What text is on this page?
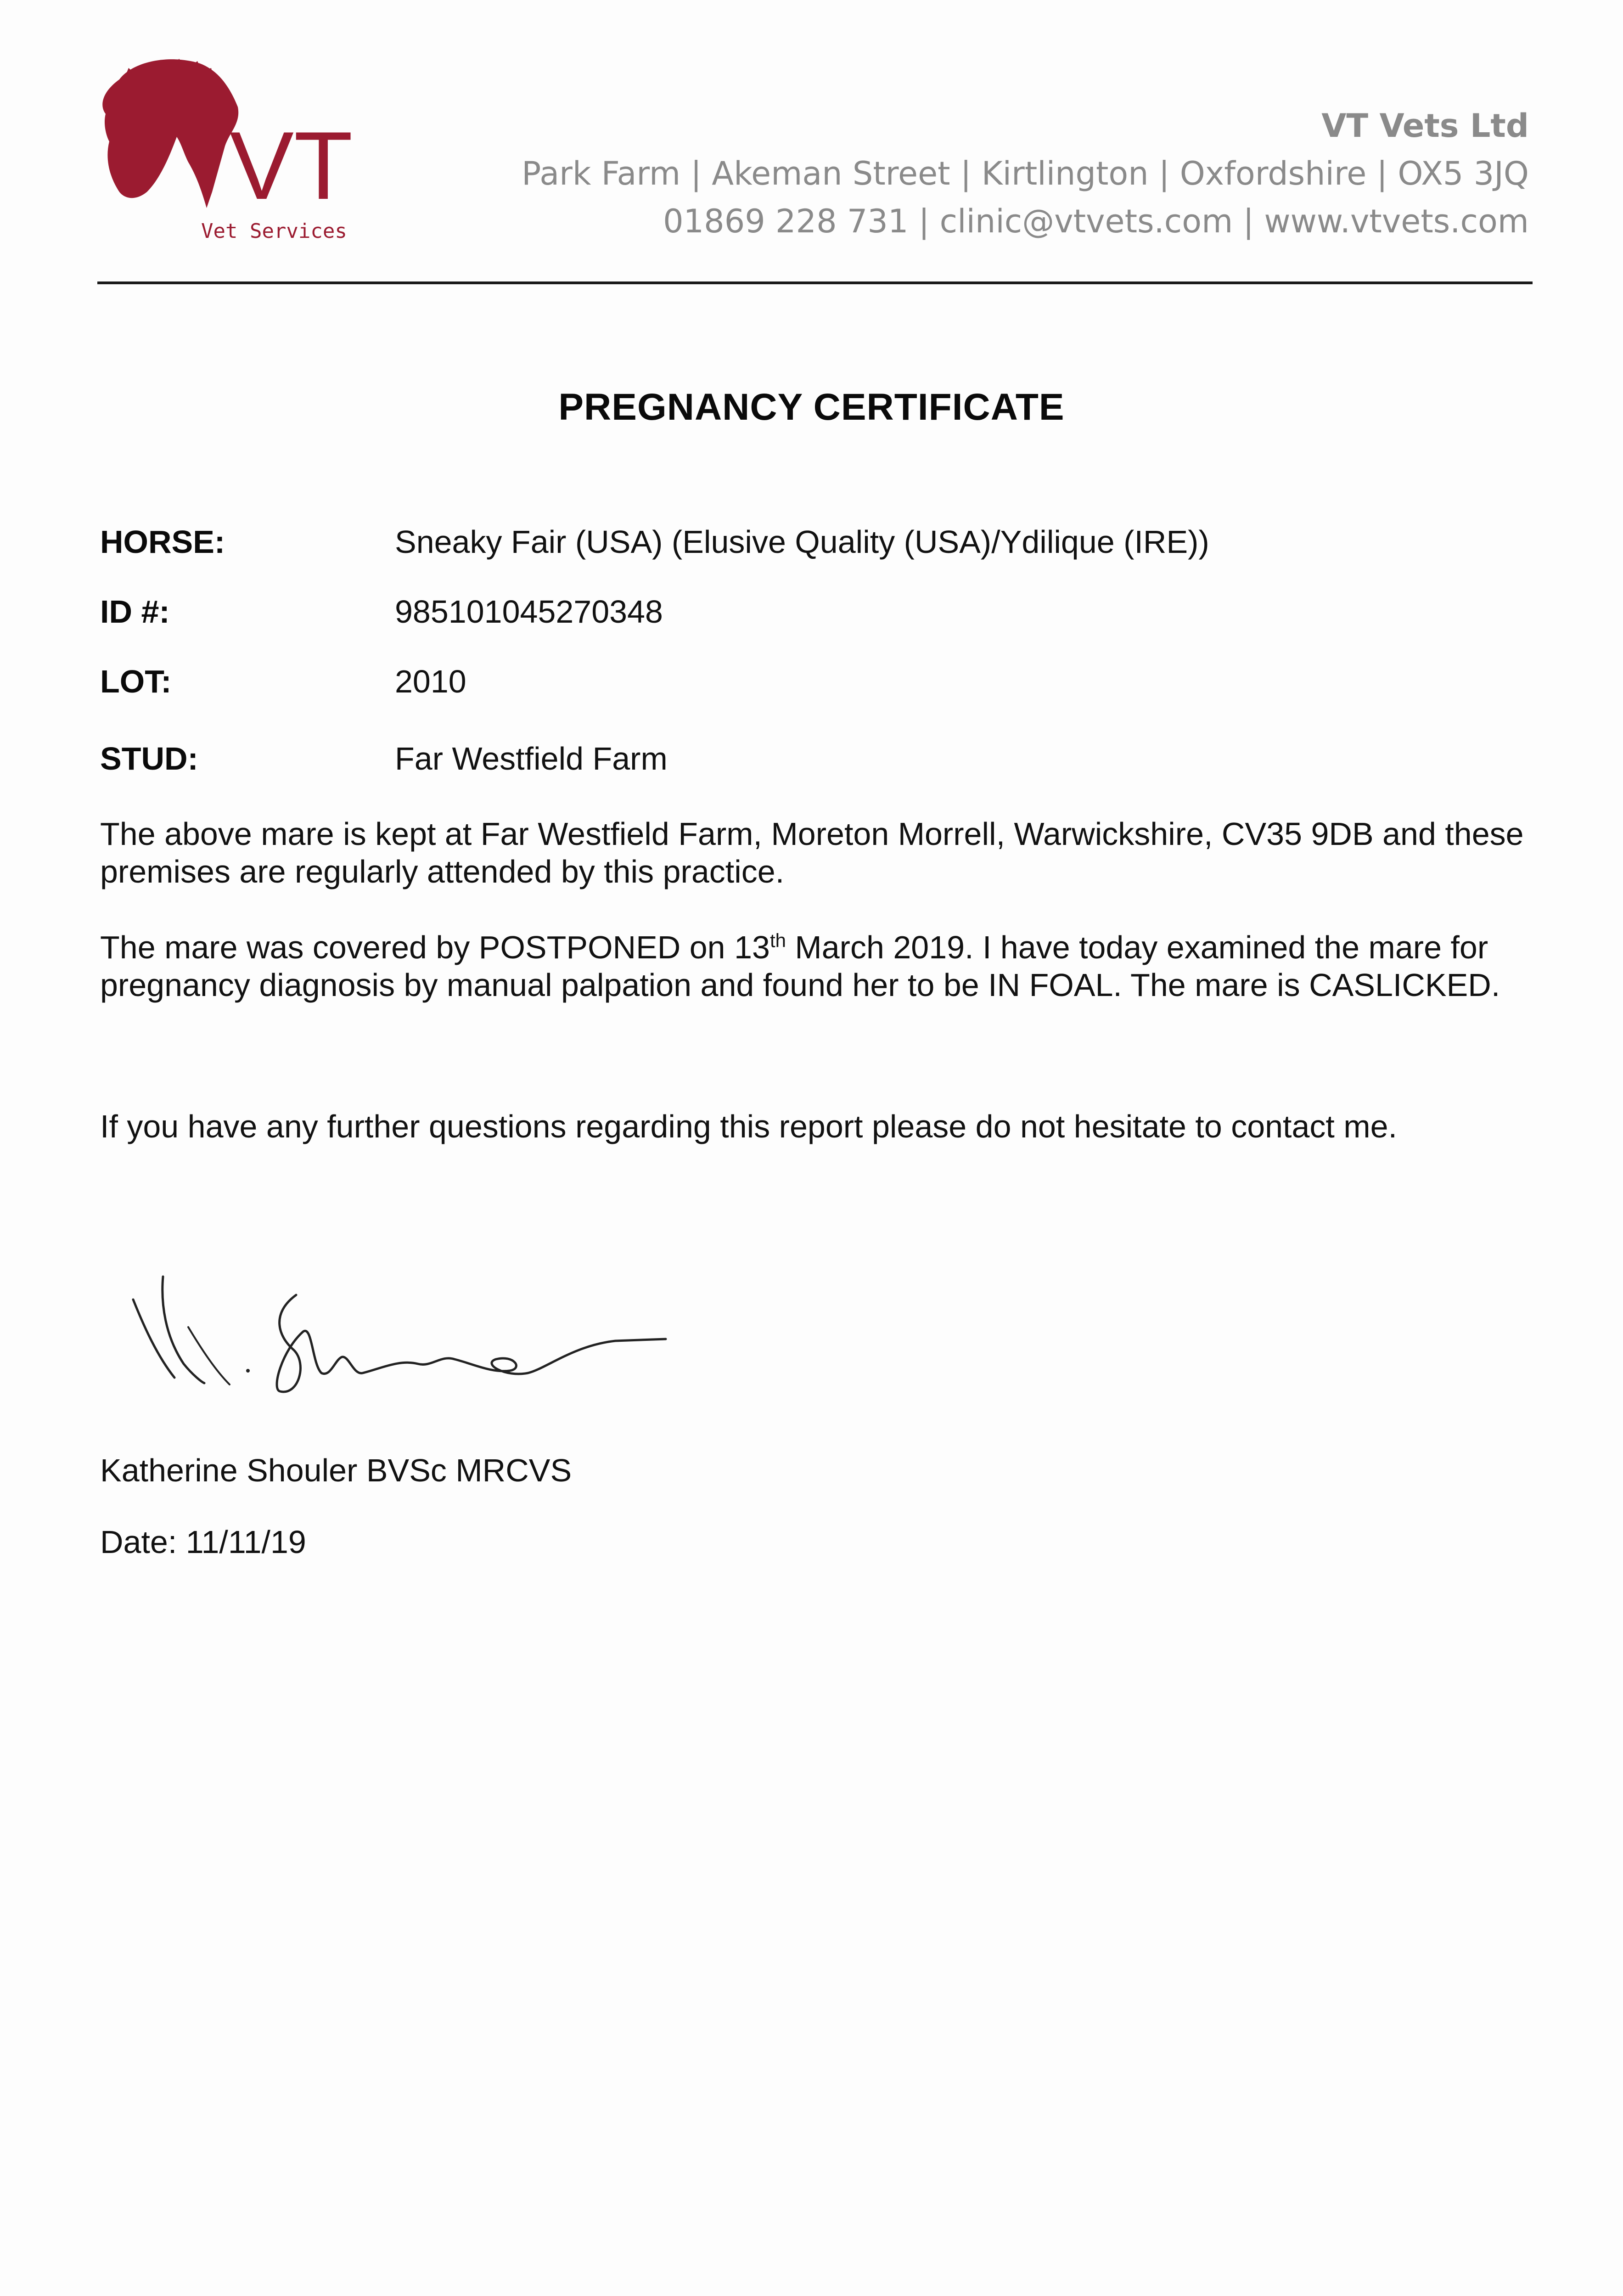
VT
Vet Services
VT Vets Ltd
Park Farm | Akeman Street | Kirtlington | Oxfordshire | OX5 3JQ
01869 228 731 | clinic@vtvets.com | www.vtvets.com
PREGNANCY CERTIFICATE
HORSE:	Sneaky Fair (USA) (Elusive Quality (USA)/Ydilique (IRE))
ID #:	985101045270348
LOT:	2010
STUD:	Far Westfield Farm
The above mare is kept at Far Westfield Farm, Moreton Morrell, Warwickshire, CV35 9DB and these premises are regularly attended by this practice.
The mare was covered by POSTPONED on 13th March 2019. I have today examined the mare for pregnancy diagnosis by manual palpation and found her to be IN FOAL. The mare is CASLICKED.
If you have any further questions regarding this report please do not hesitate to contact me.
Katherine Shouler BVSc MRCVS
Date: 11/11/19
